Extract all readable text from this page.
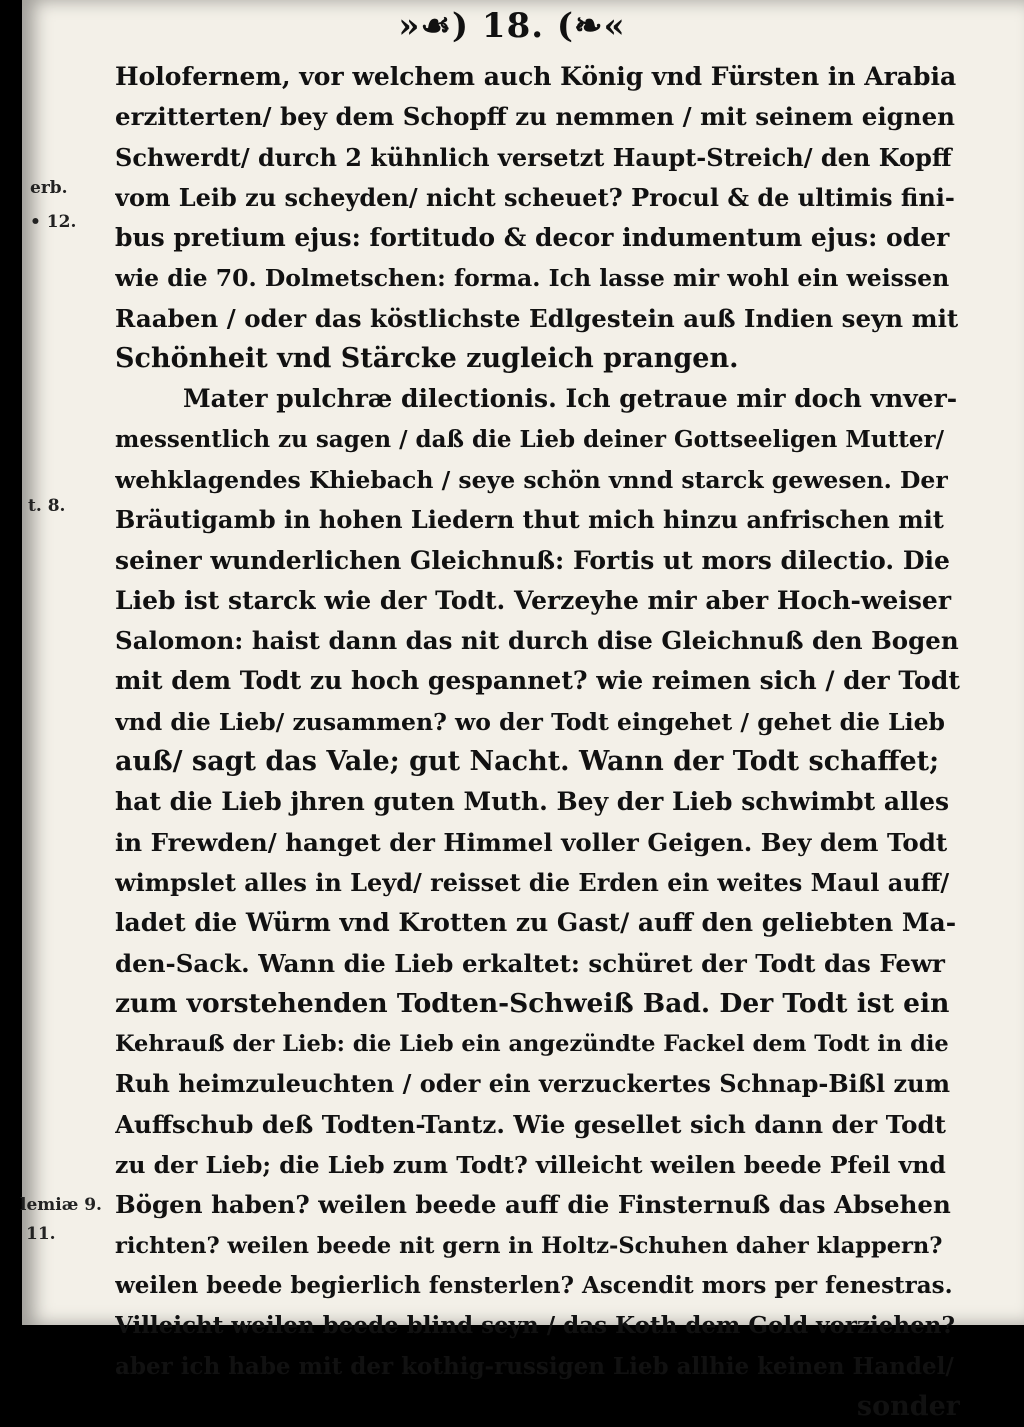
»☙) 18. (❧«
erb.
• 12.
t. 8.
lemiæ 9.
11.
Holofernem, vor welchem auch König vnd Fürsten in Arabia
erzitterten/ bey dem Schopff zu nemmen / mit seinem eignen
Schwerdt/ durch 2 kühnlich versetzt Haupt-Streich/ den Kopff
vom Leib zu scheyden/ nicht scheuet? Procul & de ultimis fini-
bus pretium ejus: fortitudo & decor indumentum ejus: oder
wie die 70. Dolmetschen: forma. Ich lasse mir wohl ein weissen
Raaben / oder das köstlichste Edlgestein auß Indien seyn mit
Schönheit vnd Stärcke zugleich prangen.
Mater pulchræ dilectionis. Ich getraue mir doch vnver-
messentlich zu sagen / daß die Lieb deiner Gottseeligen Mutter/
wehklagendes Khiebach / seye schön vnnd starck gewesen. Der
Bräutigamb in hohen Liedern thut mich hinzu anfrischen mit
seiner wunderlichen Gleichnuß: Fortis ut mors dilectio. Die
Lieb ist starck wie der Todt. Verzeyhe mir aber Hoch-weiser
Salomon: haist dann das nit durch dise Gleichnuß den Bogen
mit dem Todt zu hoch gespannet? wie reimen sich / der Todt
vnd die Lieb/ zusammen? wo der Todt eingehet / gehet die Lieb
auß/ sagt das Vale; gut Nacht. Wann der Todt schaffet;
hat die Lieb jhren guten Muth. Bey der Lieb schwimbt alles
in Frewden/ hanget der Himmel voller Geigen. Bey dem Todt
wimpslet alles in Leyd/ reisset die Erden ein weites Maul auff/
ladet die Würm vnd Krotten zu Gast/ auff den geliebten Ma-
den-Sack. Wann die Lieb erkaltet: schüret der Todt das Fewr
zum vorstehenden Todten-Schweiß Bad. Der Todt ist ein
Kehrauß der Lieb: die Lieb ein angezündte Fackel dem Todt in die
Ruh heimzuleuchten / oder ein verzuckertes Schnap-Bißl zum
Auffschub deß Todten-Tantz. Wie gesellet sich dann der Todt
zu der Lieb; die Lieb zum Todt? villeicht weilen beede Pfeil vnd
Bögen haben? weilen beede auff die Finsternuß das Absehen
richten? weilen beede nit gern in Holtz-Schuhen daher klappern?
weilen beede begierlich fensterlen? Ascendit mors per fenestras.
Villeicht weilen beede blind seyn / das Koth dem Gold vorziehen?
aber ich habe mit der kothig-russigen Lieb allhie keinen Handel/
sonder
